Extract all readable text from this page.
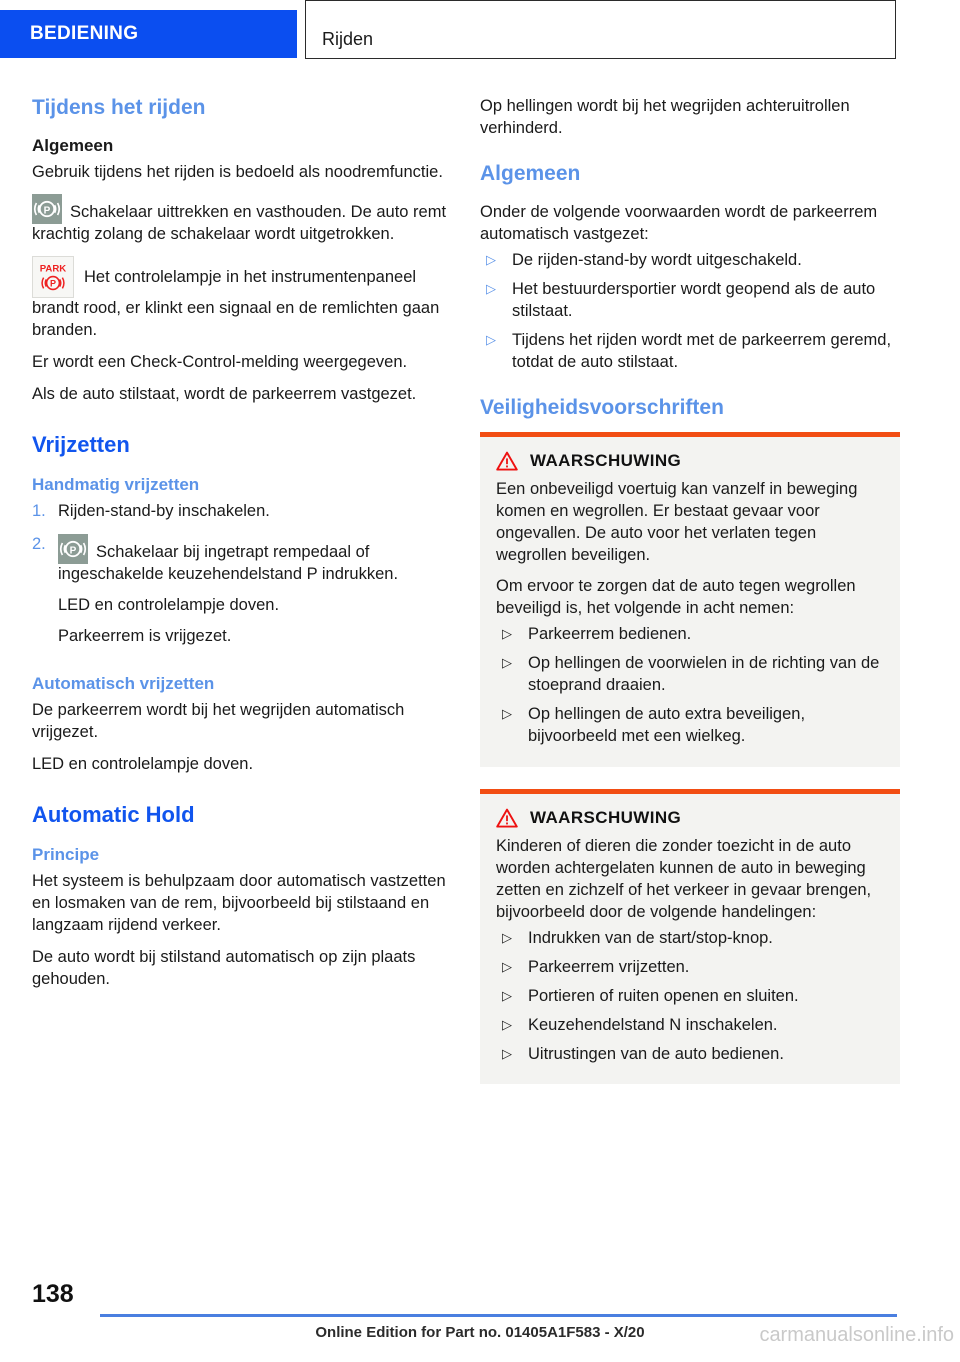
BEDIENING	Rijden
Tijdens het rijden
Algemeen

Gebruik tijdens het rijden is bedoeld als noodremfunctie.

P Schakelaar uittrekken en vasthouden. De auto remt krachtig zolang de schakelaar wordt uitgetrokken.

PARK
P Het controlelampje in het instrumentenpaneel brandt rood, er klinkt een signaal en de remlichten gaan branden.

Er wordt een Check-Control-melding weergegeven.

Als de auto stilstaat, wordt de parkeerrem vastgezet.

Vrijzetten
Handmatig vrijzetten
1. Rijden-stand-by inschakelen.
2. P Schakelaar bij ingetrapt rempedaal of ingeschakelde keuzehendelstand P indrukken.
LED en controlelampje doven.
Parkeerrem is vrijgezet.
Automatisch vrijzetten

De parkeerrem wordt bij het wegrijden automatisch vrijgezet.

LED en controlelampje doven.

Automatic Hold
Principe

Het systeem is behulpzaam door automatisch vastzetten en losmaken van de rem, bijvoorbeeld bij stilstaand en langzaam rijdend verkeer.

De auto wordt bij stilstand automatisch op zijn plaats gehouden.

Op hellingen wordt bij het wegrijden achteruitrollen verhinderd.

Algemeen

Onder de volgende voorwaarden wordt de parkeerrem automatisch vastgezet:

▷ De rijden-stand-by wordt uitgeschakeld.
▷ Het bestuurdersportier wordt geopend als de auto stilstaat.
▷ Tijdens het rijden wordt met de parkeerrem geremd, totdat de auto stilstaat.
Veiligheidsvoorschriften
WAARSCHUWING

Een onbeveiligd voertuig kan vanzelf in beweging komen en wegrollen. Er bestaat gevaar voor ongevallen. De auto voor het verlaten tegen wegrollen beveiligen.

Om ervoor te zorgen dat de auto tegen wegrollen beveiligd is, het volgende in acht nemen:

▷ Parkeerrem bedienen.
▷ Op hellingen de voorwielen in de richting van de stoeprand draaien.
▷ Op hellingen de auto extra beveiligen, bijvoorbeeld met een wielkeg.
WAARSCHUWING

Kinderen of dieren die zonder toezicht in de auto worden achtergelaten kunnen de auto in beweging zetten en zichzelf of het verkeer in gevaar brengen, bijvoorbeeld door de volgende handelingen:

▷ Indrukken van de start/stop-knop.
▷ Parkeerrem vrijzetten.
▷ Portieren of ruiten openen en sluiten.
▷ Keuzehendelstand N inschakelen.
▷ Uitrustingen van de auto bedienen.
138
Online Edition for Part no. 01405A1F583 - X/20	carmanualsonline.info
